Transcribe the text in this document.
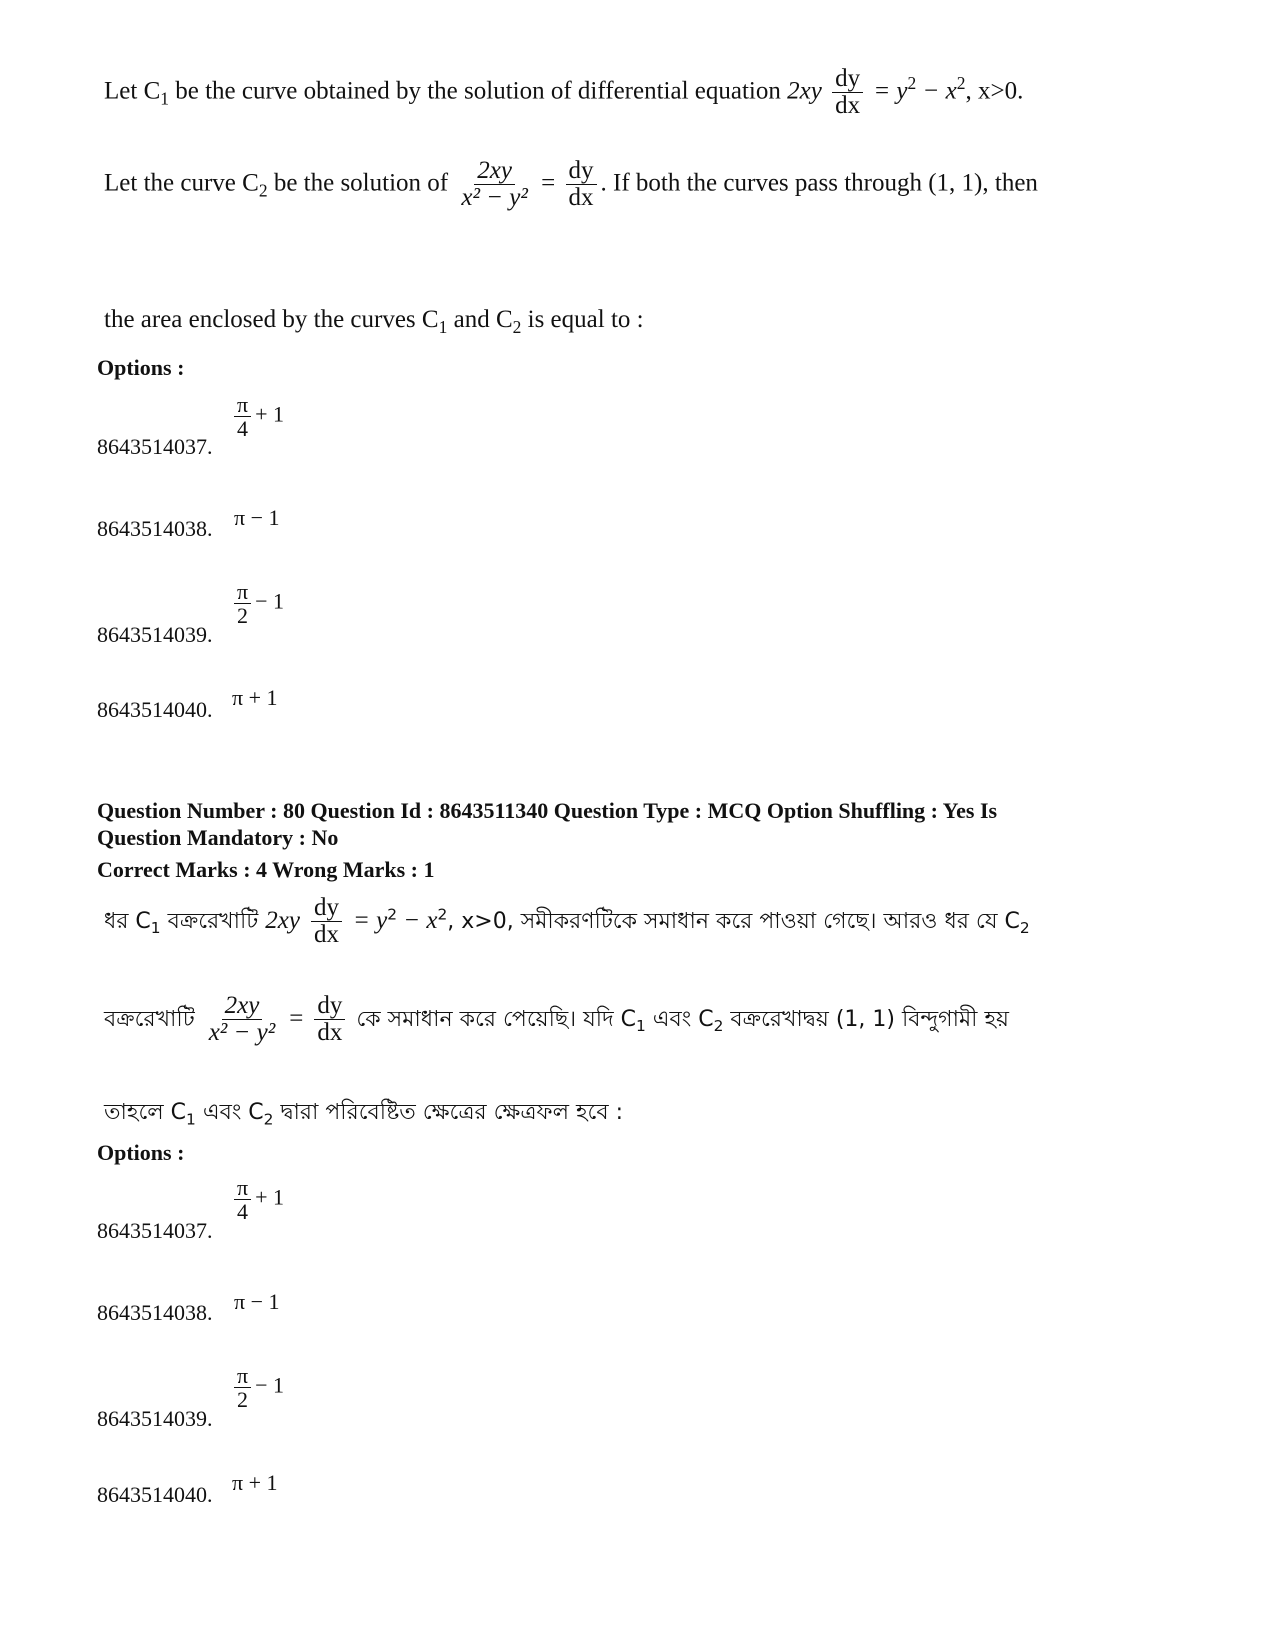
Let $C_1$ be the curve obtained by the solution of differential equation $2xy \frac{dy}{dx} = y^2 - x^2$, x>0.
Let the curve $C_2$ be the solution of $\frac{2xy}{\text{x² − y²}} = \frac{dy}{dx}$ . If both the curves pass through (1, 1), then
the area enclosed by the curves $C_1$ and $C_2$ is equal to :
Options :
8643514037.
$\frac{\pi}{4} + 1$
8643514038. π − 1
8643514039.
$\frac{\pi}{2} - 1$
8643514040. π + 1
Question Number : 80 Question Id : 8643511340 Question Type : MCQ Option Shuffling : Yes Is
Question Mandatory : No
Correct Marks : 4 Wrong Marks : 1
ধর $C_1$ বক্ররেখাটি $2xy \frac{dy}{dx} = y^2 - x^2$, x>0, সমীকরণটিকে সমাধান করে পাওয়া গেছে। আরও ধর যে $C_2$
বক্ররেখাটি $\frac{2xy}{\text{x² − y²}} = \frac{dy}{dx}$ কে সমাধান করে পেয়েছি। যদি $C_1$ এবং $C_2$ বক্ররেখাদ্বয় (1, 1) বিন্দুগামী হয়
তাহলে $C_1$ এবং $C_2$ দ্বারা পরিবেষ্টিত ক্ষেত্রের ক্ষেত্রফল হবে :
Options :
8643514037.
$\frac{\pi}{4} + 1$
8643514038. π − 1
8643514039.
$\frac{\pi}{2} - 1$
8643514040. π + 1
